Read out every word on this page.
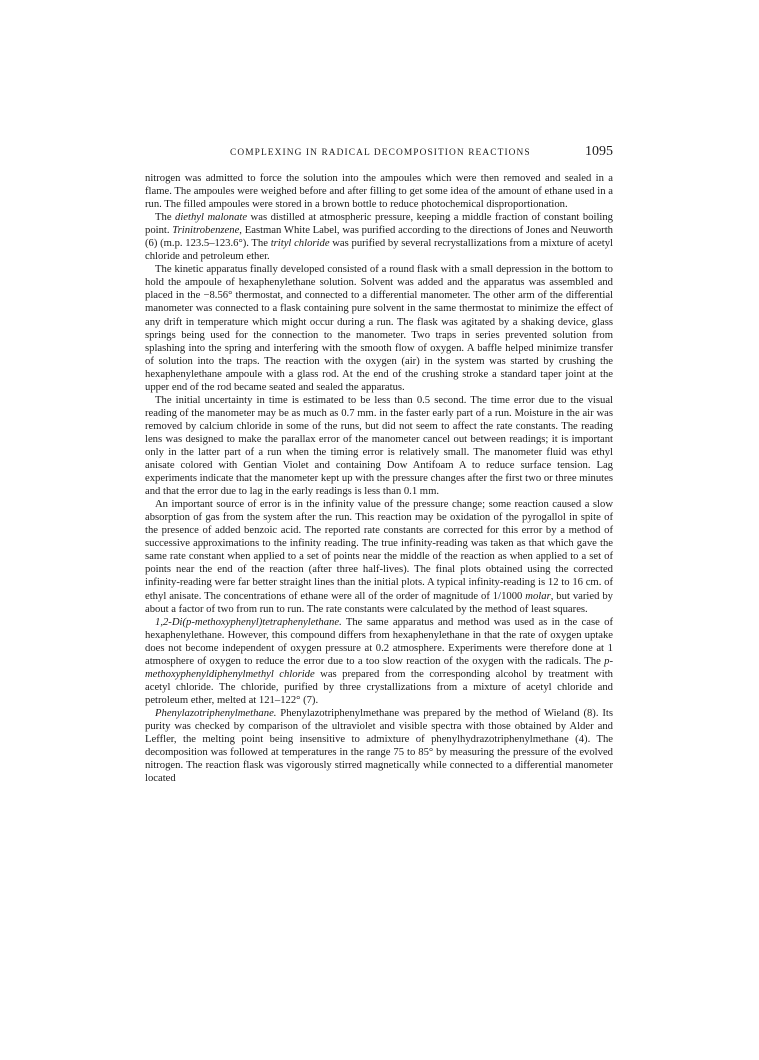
COMPLEXING IN RADICAL DECOMPOSITION REACTIONS	1095

nitrogen was admitted to force the solution into the ampoules which were then removed and sealed in a flame. The ampoules were weighed before and after filling to get some idea of the amount of ethane used in a run. The filled ampoules were stored in a brown bottle to reduce photochemical disproportionation.

The diethyl malonate was distilled at atmospheric pressure, keeping a middle fraction of constant boiling point. Trinitrobenzene, Eastman White Label, was purified according to the directions of Jones and Neuworth (6) (m.p. 123.5–123.6°). The trityl chloride was purified by several recrystallizations from a mixture of acetyl chloride and petroleum ether.

The kinetic apparatus finally developed consisted of a round flask with a small depression in the bottom to hold the ampoule of hexaphenylethane solution. Solvent was added and the apparatus was assembled and placed in the −8.56° thermostat, and connected to a differential manometer. The other arm of the differential manometer was connected to a flask containing pure solvent in the same thermostat to minimize the effect of any drift in temperature which might occur during a run. The flask was agitated by a shaking device, glass springs being used for the connection to the manometer. Two traps in series prevented solution from splashing into the spring and interfering with the smooth flow of oxygen. A baffle helped minimize transfer of solution into the traps. The reaction with the oxygen (air) in the system was started by crushing the hexaphenylethane ampoule with a glass rod. At the end of the crushing stroke a standard taper joint at the upper end of the rod became seated and sealed the apparatus.

The initial uncertainty in time is estimated to be less than 0.5 second. The time error due to the visual reading of the manometer may be as much as 0.7 mm. in the faster early part of a run. Moisture in the air was removed by calcium chloride in some of the runs, but did not seem to affect the rate constants. The reading lens was designed to make the parallax error of the manometer cancel out between readings; it is important only in the latter part of a run when the timing error is relatively small. The manometer fluid was ethyl anisate colored with Gentian Violet and containing Dow Antifoam A to reduce surface tension. Lag experiments indicate that the manometer kept up with the pressure changes after the first two or three minutes and that the error due to lag in the early readings is less than 0.1 mm.

An important source of error is in the infinity value of the pressure change; some reaction caused a slow absorption of gas from the system after the run. This reaction may be oxidation of the pyrogallol in spite of the presence of added benzoic acid. The reported rate constants are corrected for this error by a method of successive approximations to the infinity reading. The true infinity-reading was taken as that which gave the same rate constant when applied to a set of points near the middle of the reaction as when applied to a set of points near the end of the reaction (after three half-lives). The final plots obtained using the corrected infinity-reading were far better straight lines than the initial plots. A typical infinity-reading is 12 to 16 cm. of ethyl anisate. The concentrations of ethane were all of the order of magnitude of 1/1000 molar, but varied by about a factor of two from run to run. The rate constants were calculated by the method of least squares.

1,2-Di(p-methoxyphenyl)tetraphenylethane. The same apparatus and method was used as in the case of hexaphenylethane. However, this compound differs from hexaphenylethane in that the rate of oxygen uptake does not become independent of oxygen pressure at 0.2 atmosphere. Experiments were therefore done at 1 atmosphere of oxygen to reduce the error due to a too slow reaction of the oxygen with the radicals. The p-methoxyphenyldiphenylmethyl chloride was prepared from the corresponding alcohol by treatment with acetyl chloride. The chloride, purified by three crystallizations from a mixture of acetyl chloride and petroleum ether, melted at 121–122° (7).

Phenylazotriphenylmethane. Phenylazotriphenylmethane was prepared by the method of Wieland (8). Its purity was checked by comparison of the ultraviolet and visible spectra with those obtained by Alder and Leffler, the melting point being insensitive to admixture of phenylhydrazotriphenylmethane (4). The decomposition was followed at temperatures in the range 75 to 85° by measuring the pressure of the evolved nitrogen. The reaction flask was vigorously stirred magnetically while connected to a differential manometer located
